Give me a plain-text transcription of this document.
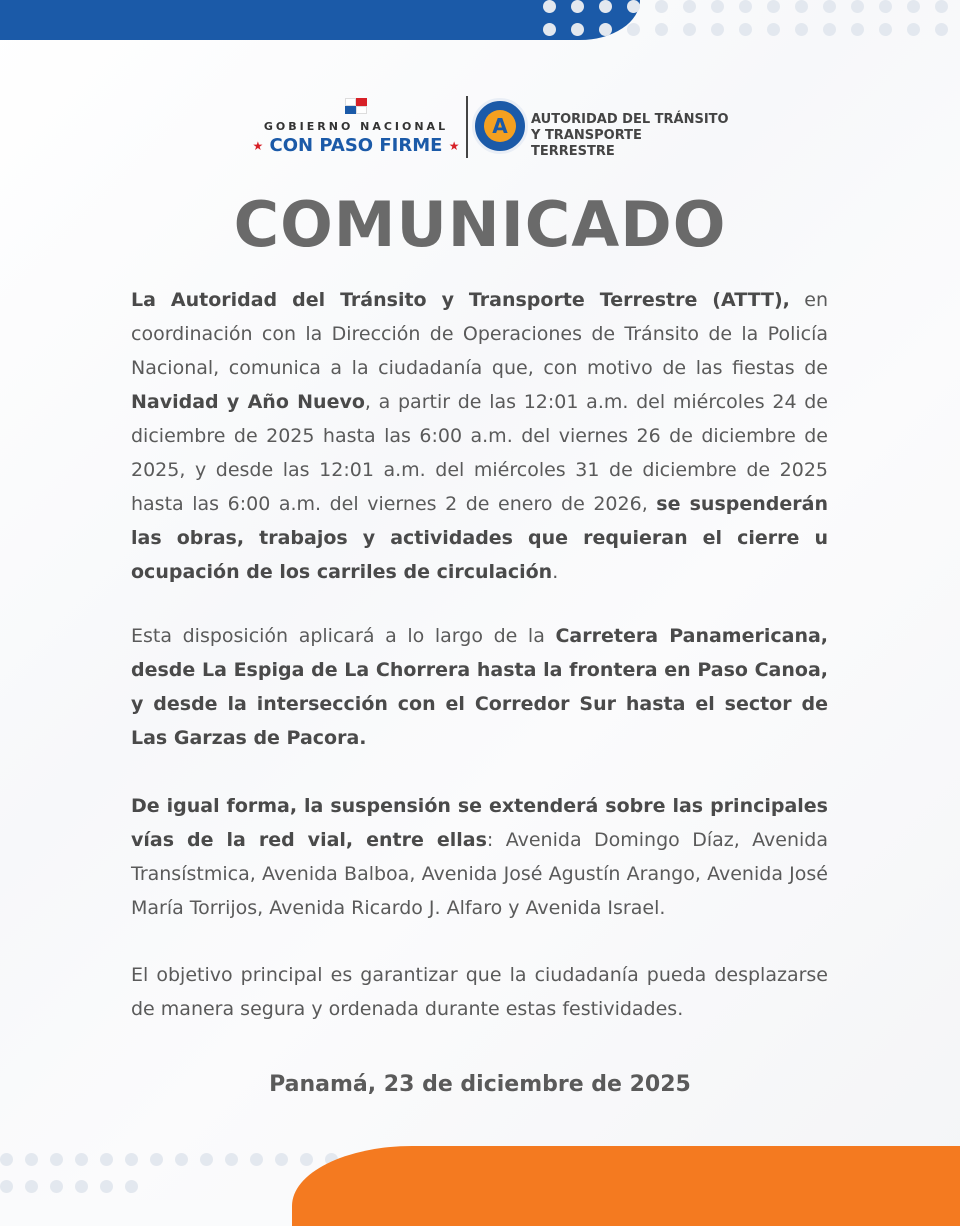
GOBIERNO NACIONAL
★ CON PASO FIRME ★
A	AUTORIDAD DEL TRÁNSITO
Y TRANSPORTE TERRESTRE
COMUNICADO
La Autoridad del Tránsito y Transporte Terrestre (ATTT), en coordinación con la Dirección de Operaciones de Tránsito de la Policía Nacional, comunica a la ciudadanía que, con motivo de las fiestas de Navidad y Año Nuevo, a partir de las 12:01 a.m. del miércoles 24 de diciembre de 2025 hasta las 6:00 a.m. del viernes 26 de diciembre de 2025, y desde las 12:01 a.m. del miércoles 31 de diciembre de 2025 hasta las 6:00 a.m. del viernes 2 de enero de 2026, se suspenderán las obras, trabajos y actividades que requieran el cierre u ocupación de los carriles de circulación.
Esta disposición aplicará a lo largo de la Carretera Panamericana, desde La Espiga de La Chorrera hasta la frontera en Paso Canoa, y desde la intersección con el Corredor Sur hasta el sector de Las Garzas de Pacora.
De igual forma, la suspensión se extenderá sobre las principales vías de la red vial, entre ellas: Avenida Domingo Díaz, Avenida Transístmica, Avenida Balboa, Avenida José Agustín Arango, Avenida José María Torrijos, Avenida Ricardo J. Alfaro y Avenida Israel.
El objetivo principal es garantizar que la ciudadanía pueda desplazarse de manera segura y ordenada durante estas festividades.
Panamá, 23 de diciembre de 2025
